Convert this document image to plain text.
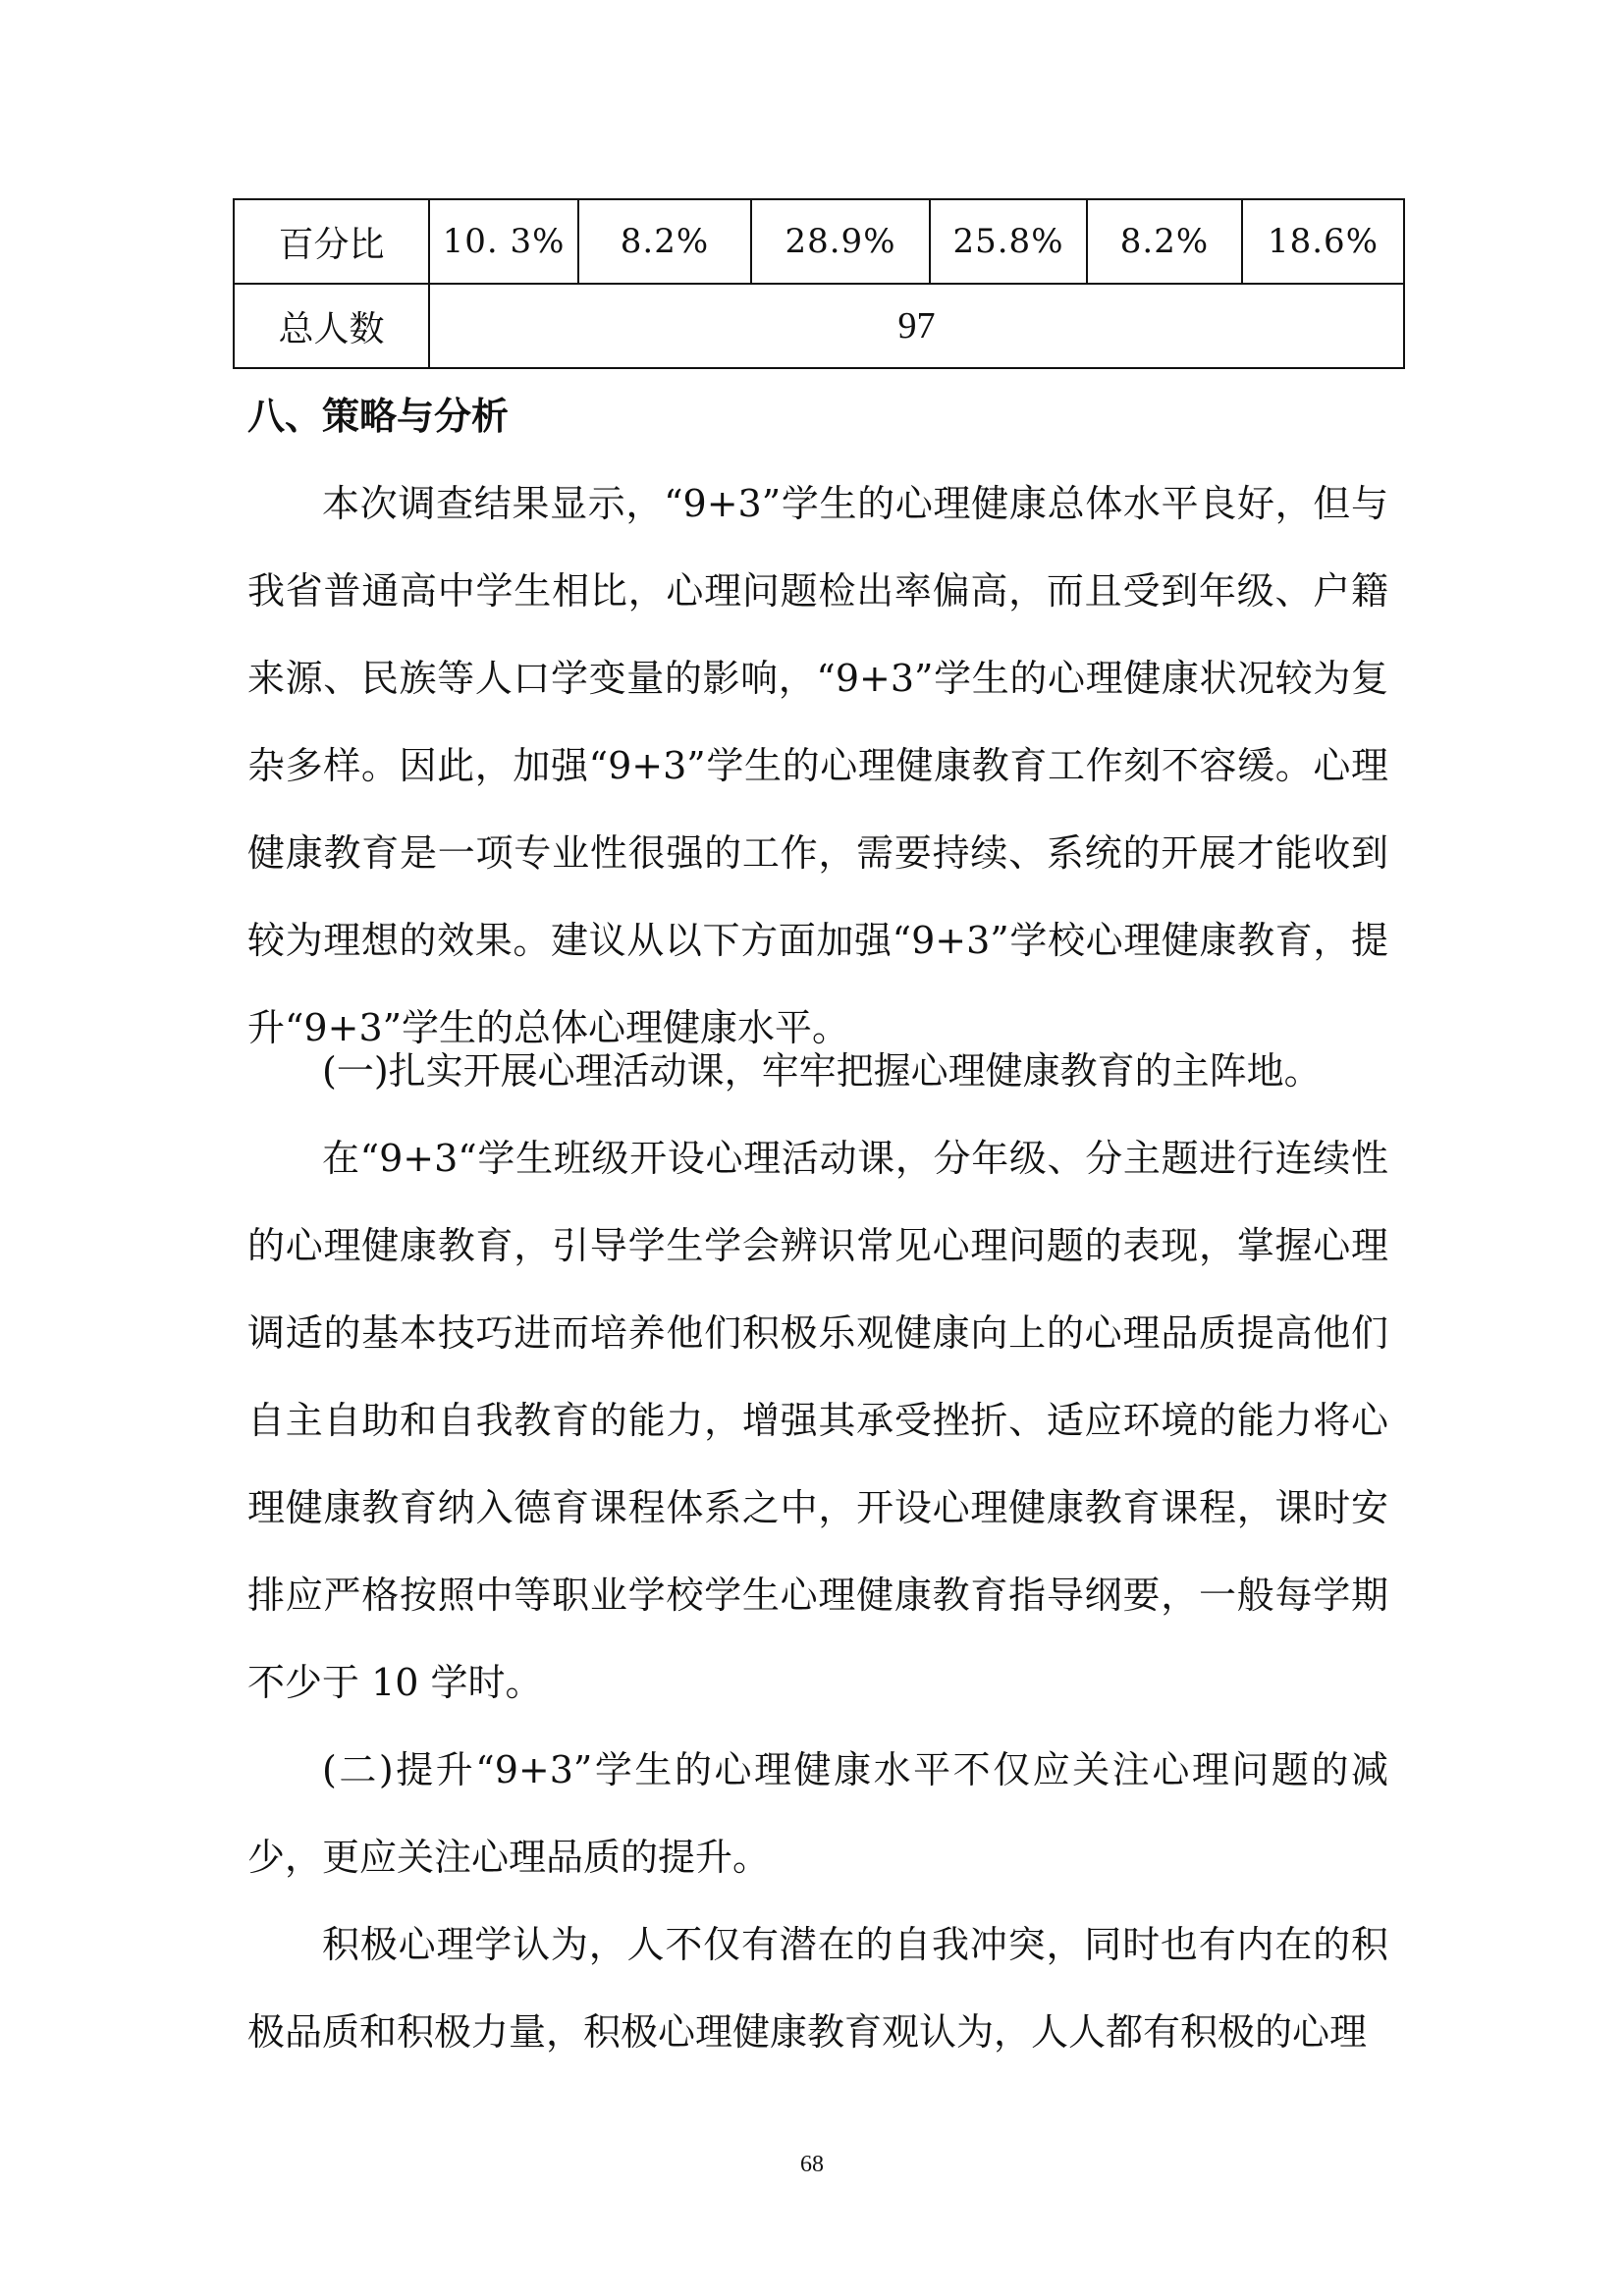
百分比	10. 3%	8.2%	28.9%	25.8%	8.2%	18.6%
总人数	97					
八、策略与分析

本次调查结果显示，“9+3”学生的心理健康总体水平良好，但与我省普通高中学生相比，心理问题检出率偏高，而且受到年级、户籍来源、民族等人口学变量的影响，“9+3”学生的心理健康状况较为复杂多样。因此，加强“9+3”学生的心理健康教育工作刻不容缓。心理健康教育是一项专业性很强的工作，需要持续、系统的开展才能收到较为理想的效果。建议从以下方面加强“9+3”学校心理健康教育，提升“9+3”学生的总体心理健康水平。

(一)扎实开展心理活动课，牢牢把握心理健康教育的主阵地。

在“9+3“学生班级开设心理活动课，分年级、分主题进行连续性的心理健康教育，引导学生学会辨识常见心理问题的表现，掌握心理调适的基本技巧进而培养他们积极乐观健康向上的心理品质提高他们自主自助和自我教育的能力，增强其承受挫折、适应环境的能力将心理健康教育纳入德育课程体系之中，开设心理健康教育课程，课时安排应严格按照中等职业学校学生心理健康教育指导纲要，一般每学期不少于 10 学时。

(二)提升“9+3”学生的心理健康水平不仅应关注心理问题的减少，更应关注心理品质的提升。

积极心理学认为，人不仅有潜在的自我冲突，同时也有内在的积极品质和积极力量，积极心理健康教育观认为，人人都有积极的心理

68
